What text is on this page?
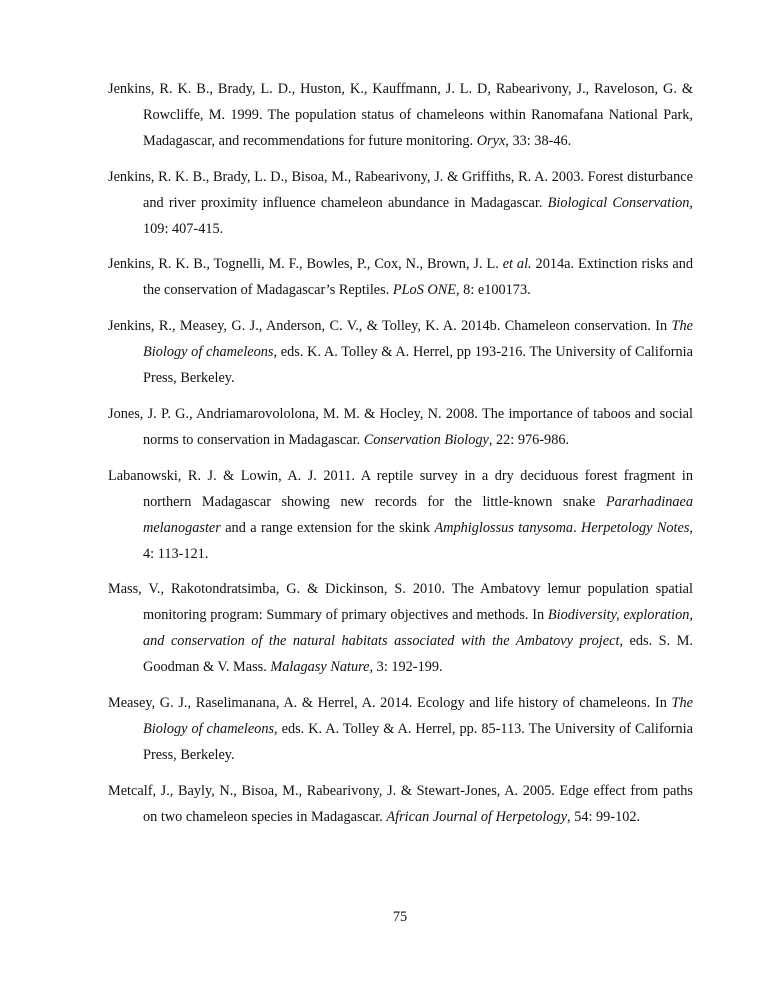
Jenkins, R. K. B., Brady, L. D., Huston, K., Kauffmann, J. L. D, Rabearivony, J., Raveloson, G. & Rowcliffe, M. 1999. The population status of chameleons within Ranomafana National Park, Madagascar, and recommendations for future monitoring. Oryx, 33: 38-46.

Jenkins, R. K. B., Brady, L. D., Bisoa, M., Rabearivony, J. & Griffiths, R. A. 2003. Forest disturbance and river proximity influence chameleon abundance in Madagascar. Biological Conservation, 109: 407-415.

Jenkins, R. K. B., Tognelli, M. F., Bowles, P., Cox, N., Brown, J. L. et al. 2014a. Extinction risks and the conservation of Madagascar’s Reptiles. PLoS ONE, 8: e100173.

Jenkins, R., Measey, G. J., Anderson, C. V., & Tolley, K. A. 2014b. Chameleon conservation. In The Biology of chameleons, eds. K. A. Tolley & A. Herrel, pp 193-216. The University of California Press, Berkeley.

Jones, J. P. G., Andriamarovololona, M. M. & Hocley, N. 2008. The importance of taboos and social norms to conservation in Madagascar. Conservation Biology, 22: 976-986.

Labanowski, R. J. & Lowin, A. J. 2011. A reptile survey in a dry deciduous forest fragment in northern Madagascar showing new records for the little-known snake Pararhadinaea melanogaster and a range extension for the skink Amphiglossus tanysoma. Herpetology Notes, 4: 113-121.

Mass, V., Rakotondratsimba, G. & Dickinson, S. 2010. The Ambatovy lemur population spatial monitoring program: Summary of primary objectives and methods. In Biodiversity, exploration, and conservation of the natural habitats associated with the Ambatovy project, eds. S. M. Goodman & V. Mass. Malagasy Nature, 3: 192-199.

Measey, G. J., Raselimanana, A. & Herrel, A. 2014. Ecology and life history of chameleons. In The Biology of chameleons, eds. K. A. Tolley & A. Herrel, pp. 85-113. The University of California Press, Berkeley.

Metcalf, J., Bayly, N., Bisoa, M., Rabearivony, J. & Stewart-Jones, A. 2005. Edge effect from paths on two chameleon species in Madagascar. African Journal of Herpetology, 54: 99-102.

75
